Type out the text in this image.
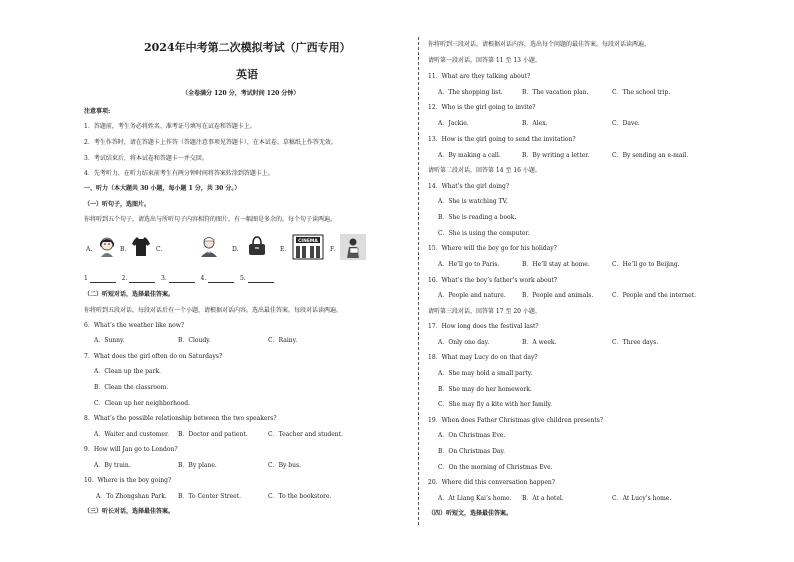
2024年中考第二次模拟考试（广西专用）
英语
（全卷满分 120 分，考试时间 120 分钟）
注意事项:
1．答题前，考生务必将姓名、准考证号填写在试卷和答题卡上。
2．考生作答时，请在答题卡上作答（答题注意事项见答题卡），在本试卷、草稿纸上作答无效。
3．考试结束后，将本试卷和答题卡一并交回。
4．先考听力，在听力结束前考生有两分钟时间将答案转涂到答题卡上。
一、听力（本大题共 30 小题，每小题 1 分，共 30 分。）
（一）听句子，选图片。
你将听到五个句子，请选出与所听句子内容相符的图片，有一幅图是多余的。每个句子读两遍。
A.	B.	C.	D.	E.
CINEMA
F.
1	2.	3.	4.	5.
（二）听短对话，选择最佳答案。
你将听到五段对话，每段对话后有一个小题，请根据对话内容，选出最佳答案。每段对话读两遍。
6．What’s the weather like now?
A．Sunny.	B．Cloudy.	C．Rainy.
7．What does the girl often do on Saturdays?
A．Clean up the park.
B．Clean the classroom.
C．Clean up her neighborhood.
8．What’s the possible relationship between the two speakers?
A．Waiter and customer. B．Doctor and patient.	C．Teacher and student.
9．How will Jan go to London?
A．By train.	B．By plane.	C．By bus.
10．Where is the boy going?
A．To Zhongshan Park. B．To Center Street.	C．To the bookstore.
（三）听长对话，选择最佳答案。
你将听到三段对话，请根据对话内容，选出每个问题的最佳答案。每段对话读两遍。
请听第一段对话，回答第 11 至 13 小题。
11．What are they talking about?
A．The shopping list.	B．The vacation plan.	C．The school trip.
12．Who is the girl going to invite?
A．Jackie.	B．Alex.	C．Dave.
13．How is the girl going to send the invitation?
A．By making a call.	B．By writing a letter.	C．By sending an e-mail.
请听第二段对话，回答第 14 至 16 小题。
14．What’s the girl doing?
A．She is watching TV.
B．She is reading a book.
C．She is using the computer.
15．Where will the boy go for his holiday?
A．He’ll go to Paris.	B．He’ll stay at home.	C．He’ll go to Beijing.
16．What’s the boy’s father’s work about?
A．People and nature.	B．People and animals.	C．People and the internet.
请听第三段对话，回答第 17 至 20 小题。
17．How long does the festival last?
A．Only one day.	B．A week.	C．Three days.
18．What may Lucy do on that day?
A．She may hold a small party.
B．She may do her homework.
C．She may fly a kite with her family.
19．When does Father Christmas give children presents?
A．On Christmas Eve.
B．On Christmas Day.
C．On the morning of Christmas Eve.
20．Where did this conversation happen?
A．At Liang Kai’s home. B．At a hotel.	C．At Lucy’s home.
（四）听短文，选择最佳答案。
